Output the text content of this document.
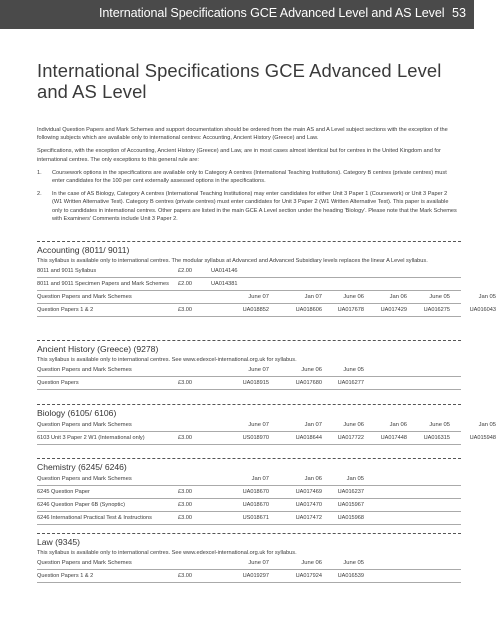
International Specifications GCE Advanced Level and AS Level 53
International Specifications GCE Advanced Level and AS Level

Individual Question Papers and Mark Schemes and support documentation should be ordered from the main AS and A Level subject sections with the exception of the following subjects which are available only to international centres: Accounting, Ancient History (Greece) and Law.

Specifications, with the exception of Accounting, Ancient History (Greece) and Law, are in most cases almost identical but for centres in the United Kingdom and for international centres. The only exceptions to this general rule are:

1. Coursework options in the specifications are available only to Category A centres (International Teaching Institutions). Category B centres (private centres) must enter candidates for the 100 per cent externally assessed options in the specifications.
2. In the case of AS Biology, Category A centres (International Teaching Institutions) may enter candidates for either Unit 3 Paper 1 (Coursework) or Unit 3 Paper 2 (W1 Written Alternative Test). Category B centres (private centres) must enter candidates for Unit 3 Paper 2 (W1 Written Alternative Test). This paper is available only to candidates in international centres. Other papers are listed in the main GCE A Level section under the heading 'Biology'. Please note that the Mark Schemes with Examiners' Comments include Unit 3 Paper 2.
Accounting (8011/ 9011)
This syllabus is available only to international centres. The modular syllabus at Advanced and Advanced Subsidiary levels replaces the linear A Level syllabus.
8011 and 9011 Syllabus	£2.00	UA014146
8011 and 9011 Specimen Papers and Mark Schemes £2.00	UA014381
Question Papers and Mark Schemes	June 07	Jan 07	June 06	Jan 06	June 05	Jan 05
Question Papers 1 & 2	£3.00	UA018852	UA018606	UA017678	UA017429	UA016275	UA016043
Ancient History (Greece) (9278)
This syllabus is available only to international centres. See www.edexcel-international.org.uk for syllabus.
Question Papers and Mark Schemes	June 07	June 06	June 05
Question Papers	£3.00	UA018915	UA017680	UA016277
Biology (6105/ 6106)
Question Papers and Mark Schemes	June 07	Jan 07	June 06	Jan 06	June 05	Jan 05
6103 Unit 3 Paper 2 W1 (International only)	£3.00	US018970	UA018644	UA017722	UA017448	UA016315	UA015948
Chemistry (6245/ 6246)
Question Papers and Mark Schemes	Jan 07	Jan 06	Jan 05
6245 Question Paper	£3.00	UA018670	UA017469	UA016237
6246 Question Paper 6B (Synoptic)	£3.00	UA018670	UA017470	UA015967
6246 International Practical Test & Instructions	£3.00	US018671	UA017472	UA015968
Law (9345)
This syllabus is available only to international centres. See www.edexcel-international.org.uk for syllabus.
Question Papers and Mark Schemes	June 07	June 06	June 05
Question Papers 1 & 2	£3.00	UA019297	UA017924	UA016539
